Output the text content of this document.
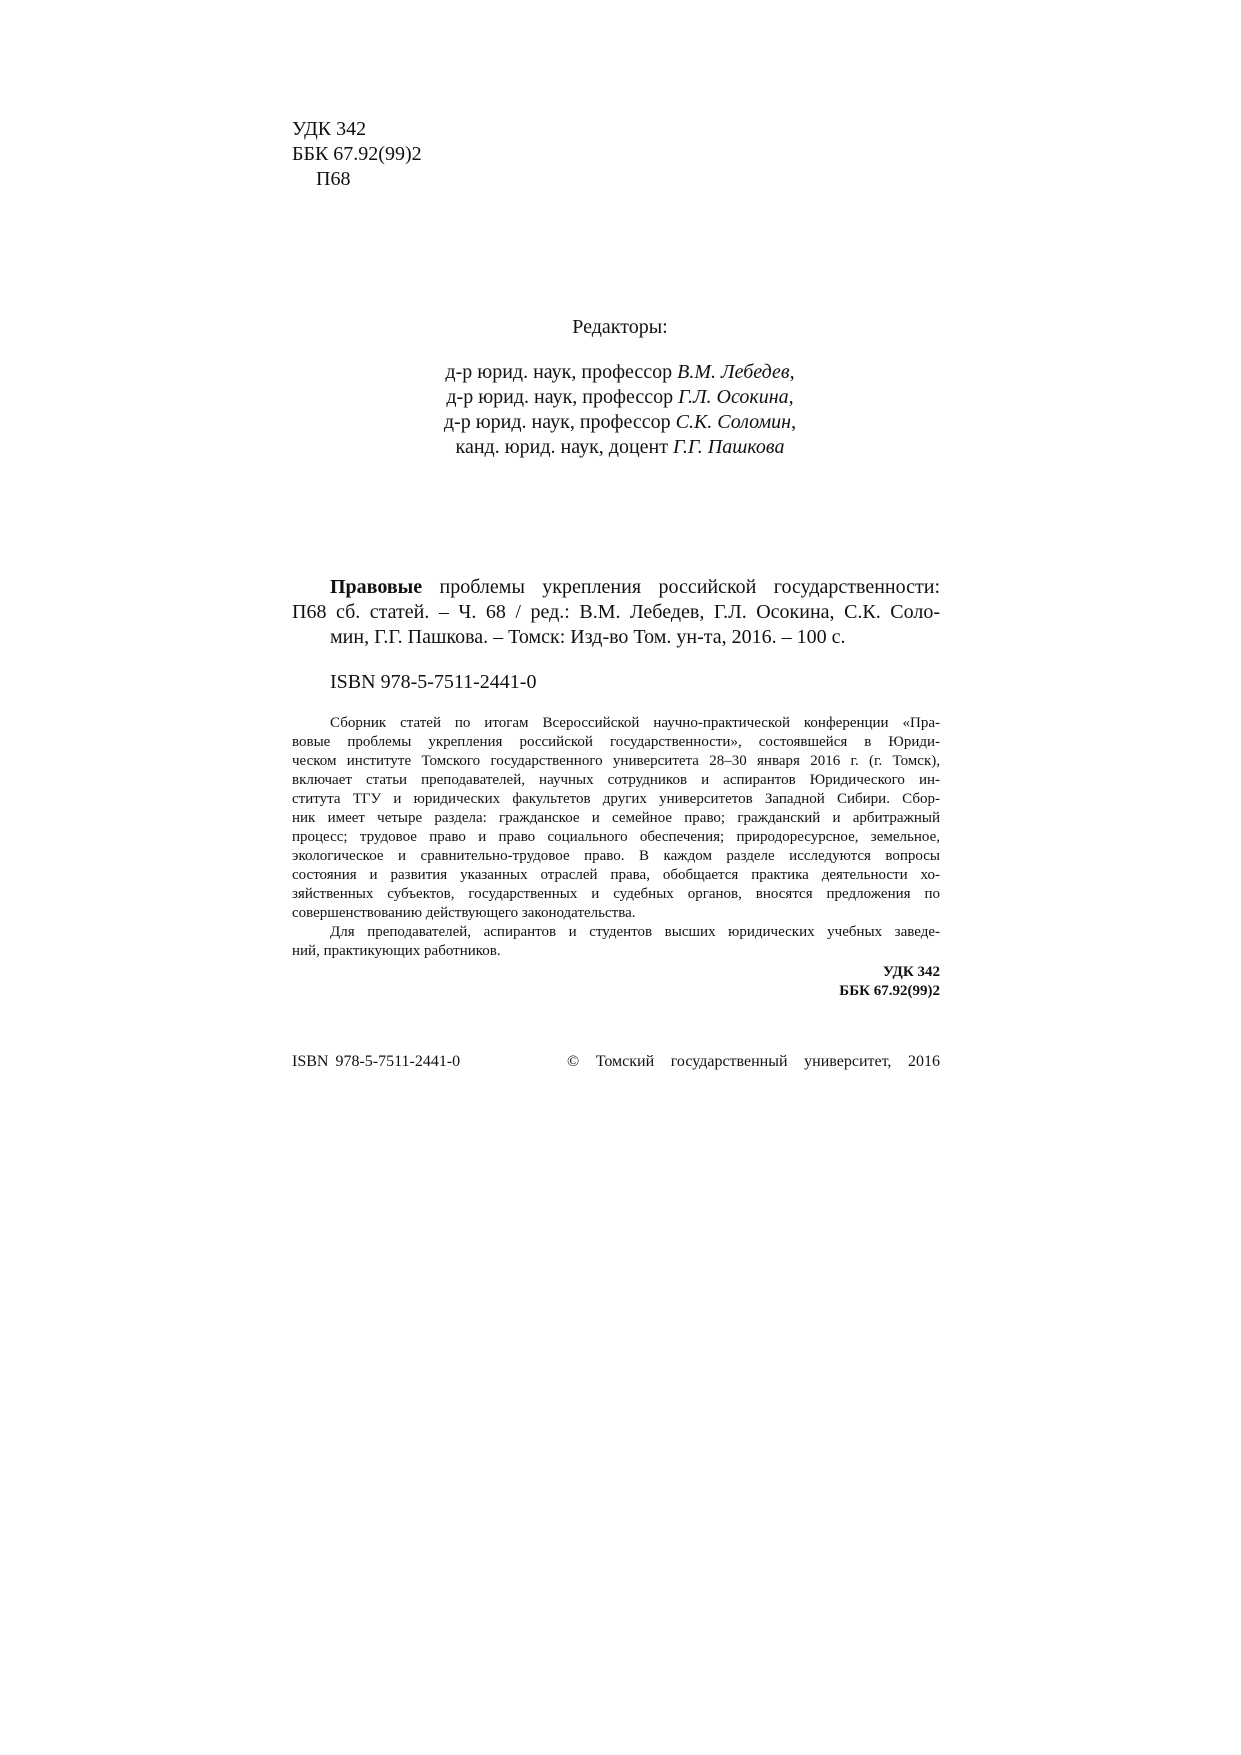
УДК 342
ББК 67.92(99)2
П68
Редакторы:
д-р юрид. наук, профессор В.М. Лебедев,
д-р юрид. наук, профессор Г.Л. Осокина,
д-р юрид. наук, профессор С.К. Соломин,
канд. юрид. наук, доцент Г.Г. Пашкова
Правовые проблемы укрепления российской государственности:
П68 сб. статей. – Ч. 68 / ред.: В.М. Лебедев, Г.Л. Осокина, С.К. Соло-
мин, Г.Г. Пашкова. – Томск: Изд-во Том. ун-та, 2016. – 100 с.
ISBN 978-5-7511-2441-0
Сборник статей по итогам Всероссийской научно-практической конференции «Пра-
вовые проблемы укрепления российской государственности», состоявшейся в Юриди-
ческом институте Томского государственного университета 28–30 января 2016 г. (г. Томск),
включает статьи преподавателей, научных сотрудников и аспирантов Юридического ин-
ститута ТГУ и юридических факультетов других университетов Западной Сибири. Сбор-
ник имеет четыре раздела: гражданское и семейное право; гражданский и арбитражный
процесс; трудовое право и право социального обеспечения; природоресурсное, земельное,
экологическое и сравнительно-трудовое право. В каждом разделе исследуются вопросы
состояния и развития указанных отраслей права, обобщается практика деятельности хо-
зяйственных субъектов, государственных и судебных органов, вносятся предложения по
совершенствованию действующего законодательства.
Для преподавателей, аспирантов и студентов высших юридических учебных заведе-
ний, практикующих работников.
УДК 342
ББК 67.92(99)2
ISBN 978-5-7511-2441-0	© Томский государственный университет, 2016
